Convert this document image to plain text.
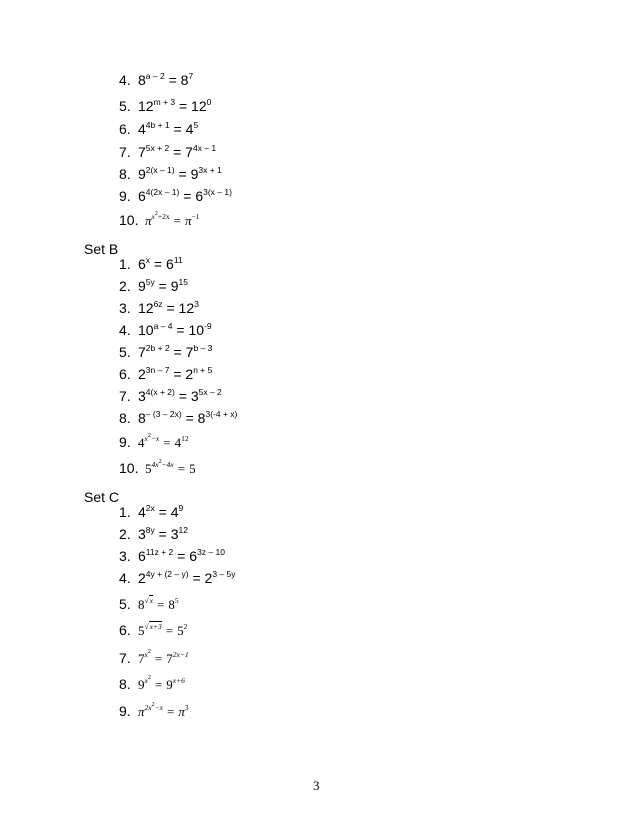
4. $8^{a - 2} = 8^7$
5. $12^{m + 3} = 12^0$
6. $4^{4b + 1} = 4^5$
7. $7^{5x + 2} = 7^{4x - 1}$
8. $9^{2(x - 1)} = 9^{3x + 1}$
9. $6^{4(2x - 1)} = 6^{3(x - 1)}$
10. $\pi^{x^2+2x} = \pi^{-1}$
Set B
1. $6^x = 6^{11}$
2. $9^{5y} = 9^{15}$
3. $12^{6z} = 12^3$
4. $10^{a - 4} = 10^{-9}$
5. $7^{2b + 2} = 7^{b - 3}$
6. $2^{3n - 7} = 2^{n + 5}$
7. $3^{4(x + 2)} = 3^{5x - 2}$
8. $8^{- (3 - 2x)} = 8^{3(-4 + x)}$
9. $4^{x^2-x} = 4^{12}$
10. $5^{4x^2-4x} = 5$
Set C
1. $4^{2x} = 4^9$
2. $3^{8y} = 3^{12}$
3. $6^{11z + 2} = 6^{3z - 10}$
4. $2^{4y + (2 - y)} = 2^{3 - 5y}$
5. $8^{√x} = 8^5$
6. $5^{√x+3} = 5^2$
7. $7^{x^2} = 7^{2x-1}$
8. $9^{x^2} = 9^{x+6}$
9. $\pi^{2x^2-x} = \pi^3$
3
